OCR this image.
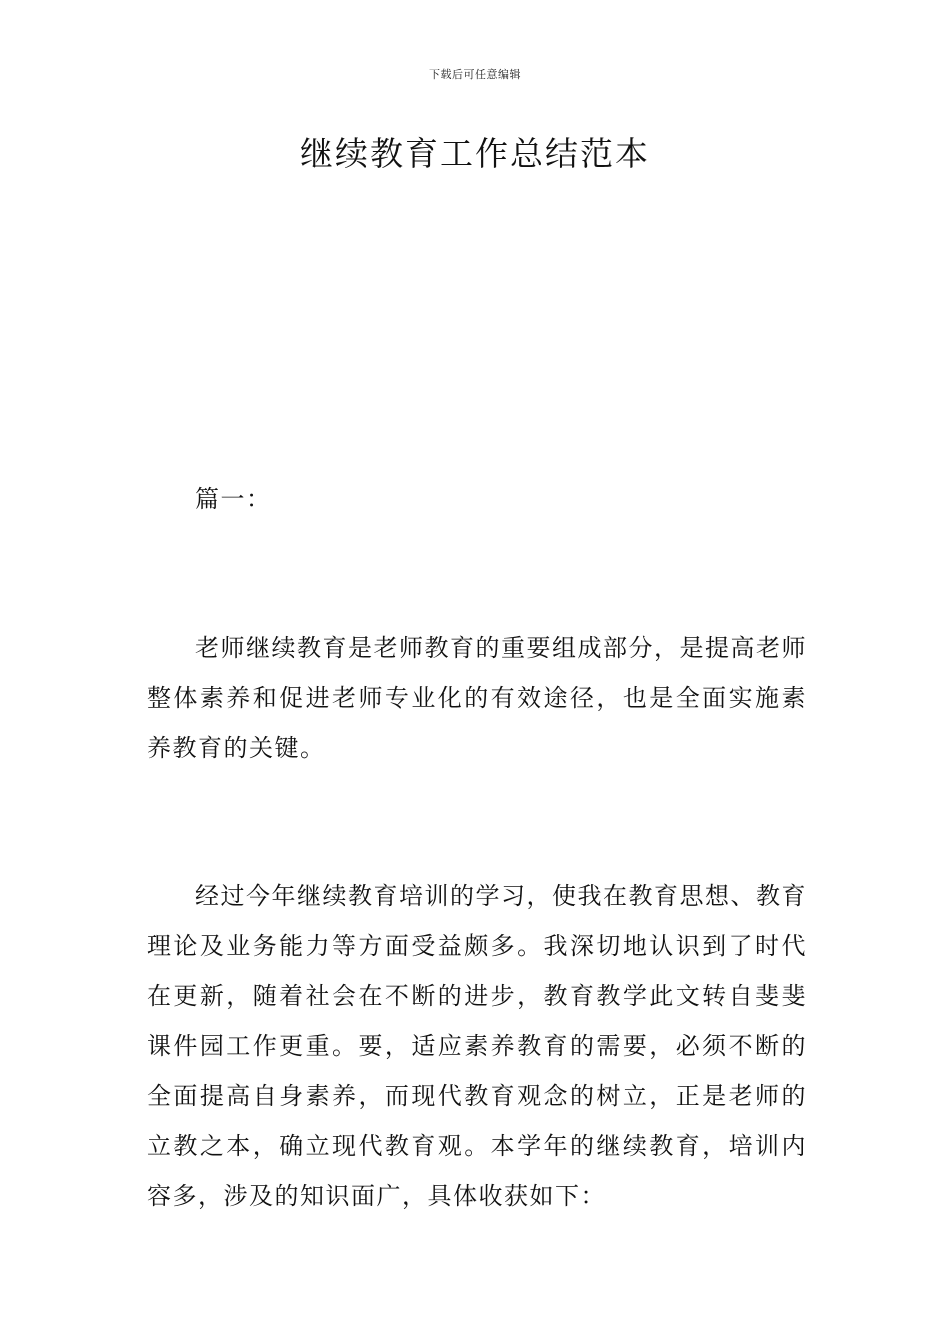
下载后可任意编辑
继续教育工作总结范本

篇一：

老师继续教育是老师教育的重要组成部分，是提高老师整体素养和促进老师专业化的有效途径，也是全面实施素养教育的关键。

经过今年继续教育培训的学习，使我在教育思想、教育理论及业务能力等方面受益颇多。我深切地认识到了时代在更新，随着社会在不断的进步，教育教学此文转自斐斐课件园工作更重。要，适应素养教育的需要，必须不断的全面提高自身素养，而现代教育观念的树立，正是老师的立教之本，确立现代教育观。本学年的继续教育，培训内容多，涉及的知识面广，具体收获如下：
